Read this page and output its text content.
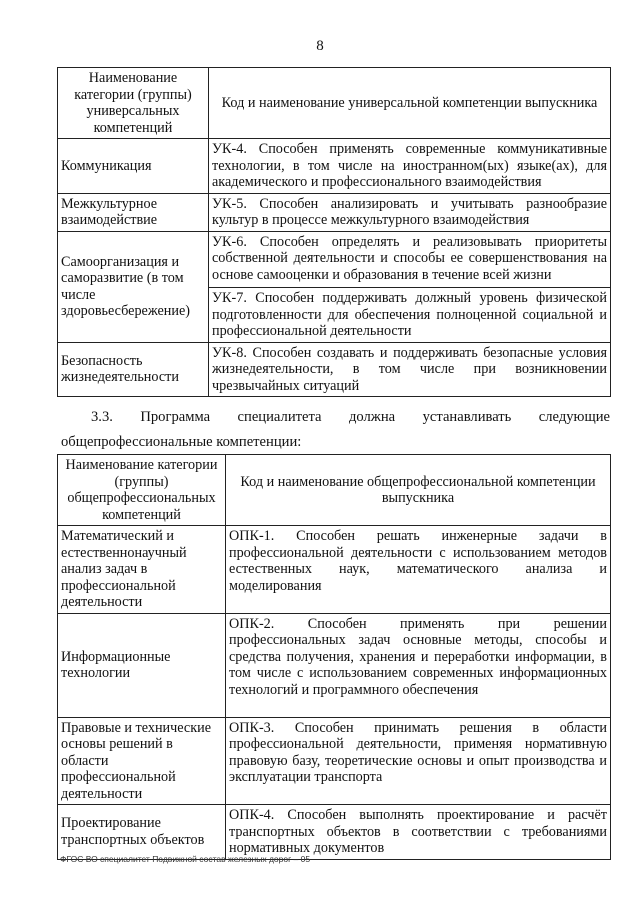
8
Наименование категории (группы) универсальных компетенций	Код и наименование универсальной компетенции выпускника
Коммуникация	УК-4. Способен применять современные коммуникативные технологии, в том числе на иностранном(ых) языке(ах), для академического и профессионального взаимодействия
Межкультурное взаимодействие	УК-5. Способен анализировать и учитывать разнообразие культур в процессе межкультурного взаимодействия
Самоорганизация и саморазвитие (в том числе здоровьесбережение)	УК-6. Способен определять и реализовывать приоритеты собственной деятельности и способы ее совершенствования на основе самооценки и образования в течение всей жизни
УК-7. Способен поддерживать должный уровень физической подготовленности для обеспечения полноценной социальной и профессиональной деятельности

Безопасность жизнедеятельности	УК-8. Способен создавать и поддерживать безопасные условия жизнедеятельности, в том числе при возникновении чрезвычайных ситуаций
3.3. Программа специалитета должна устанавливать следующие
общепрофессиональные компетенции:
Наименование категории (группы) общепрофессиональных компетенций	Код и наименование общепрофессиональной компетенции выпускника
Математический и естественнонаучный анализ задач в профессиональной деятельности	ОПК-1. Способен решать инженерные задачи в профессиональной деятельности с использованием методов естественных наук, математического анализа и моделирования
Информационные технологии	ОПК-2. Способен применять при решении профессиональных задач основные методы, способы и средства получения, хранения и переработки информации, в том числе с использованием современных информационных технологий и программного обеспечения
Правовые и технические основы решений в области профессиональной деятельности	ОПК-3. Способен принимать решения в области профессиональной деятельности, применяя нормативную правовую базу, теоретические основы и опыт производства и эксплуатации транспорта
Проектирование транспортных объектов	ОПК-4. Способен выполнять проектирование и расчёт транспортных объектов в соответствии с требованиями нормативных документов
ФГОС ВО специалитет Подвижной состав железных дорог – 05
